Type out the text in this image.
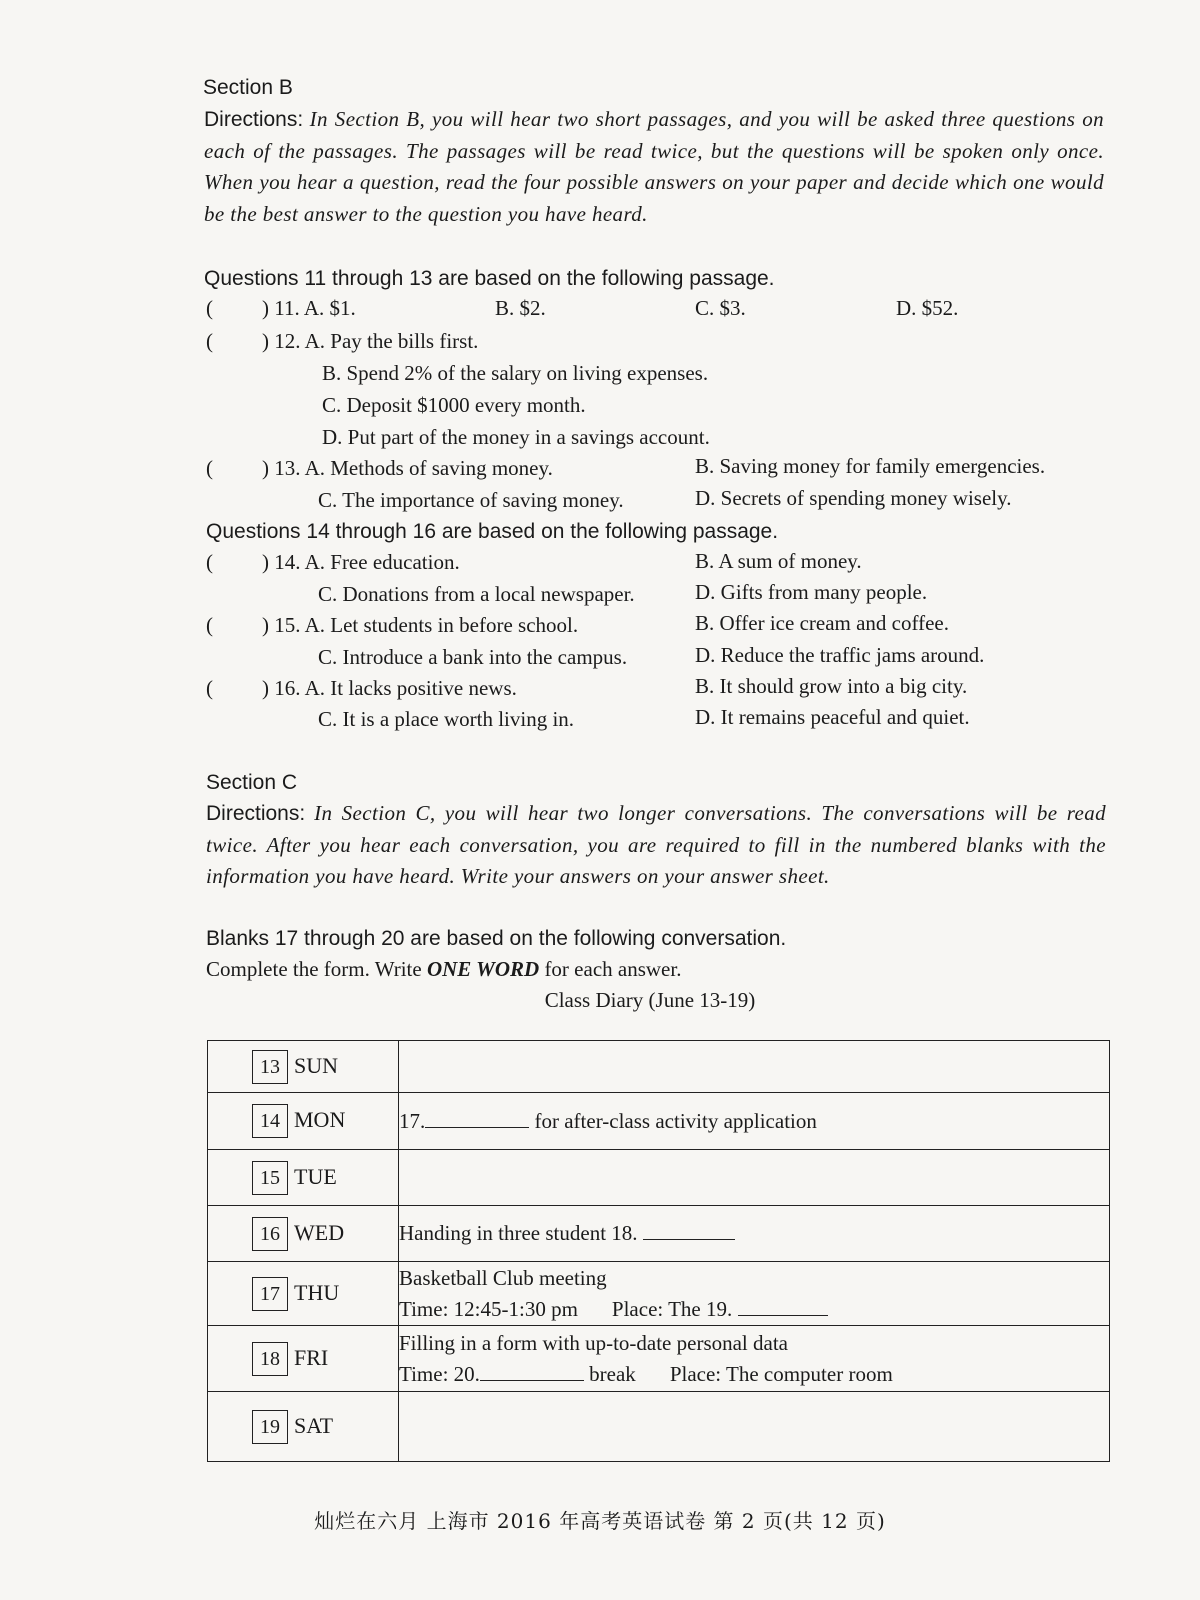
Section B
Directions: In Section B, you will hear two short passages, and you will be asked three questions on each of the passages. The passages will be read twice, but the questions will be spoken only once. When you hear a question, read the four possible answers on your paper and decide which one would be the best answer to the question you have heard.
Questions 11 through 13 are based on the following passage.
( ) 11. A. $1.	B. $2.	C. $3.	D. $52.
( ) 12. A. Pay the bills first.
B. Spend 2% of the salary on living expenses.
C. Deposit $1000 every month.
D. Put part of the money in a savings account.
( ) 13. A. Methods of saving money.	B. Saving money for family emergencies.
C. The importance of saving money.	D. Secrets of spending money wisely.
Questions 14 through 16 are based on the following passage.
( ) 14. A. Free education.	B. A sum of money.
C. Donations from a local newspaper.	D. Gifts from many people.
( ) 15. A. Let students in before school.	B. Offer ice cream and coffee.
C. Introduce a bank into the campus.	D. Reduce the traffic jams around.
( ) 16. A. It lacks positive news.	B. It should grow into a big city.
C. It is a place worth living in.	D. It remains peaceful and quiet.
Section C
Directions: In Section C, you will hear two longer conversations. The conversations will be read twice. After you hear each conversation, you are required to fill in the numbered blanks with the information you have heard. Write your answers on your answer sheet.
Blanks 17 through 20 are based on the following conversation.
Complete the form. Write ONE WORD for each answer.
Class Diary (June 13-19)
13 SUN	
14 MON	17. for after-class activity application
15 TUE	
16 WED	Handing in three student 18.
17 THU	Basketball Club meeting
Time: 12:45-1:30 pm Place: The 19.

18 FRI	Filling in a form with up-to-date personal data
Time: 20. break Place: The computer room

19 SAT	
灿烂在六月 上海市 2016 年高考英语试卷 第 2 页(共 12 页)
